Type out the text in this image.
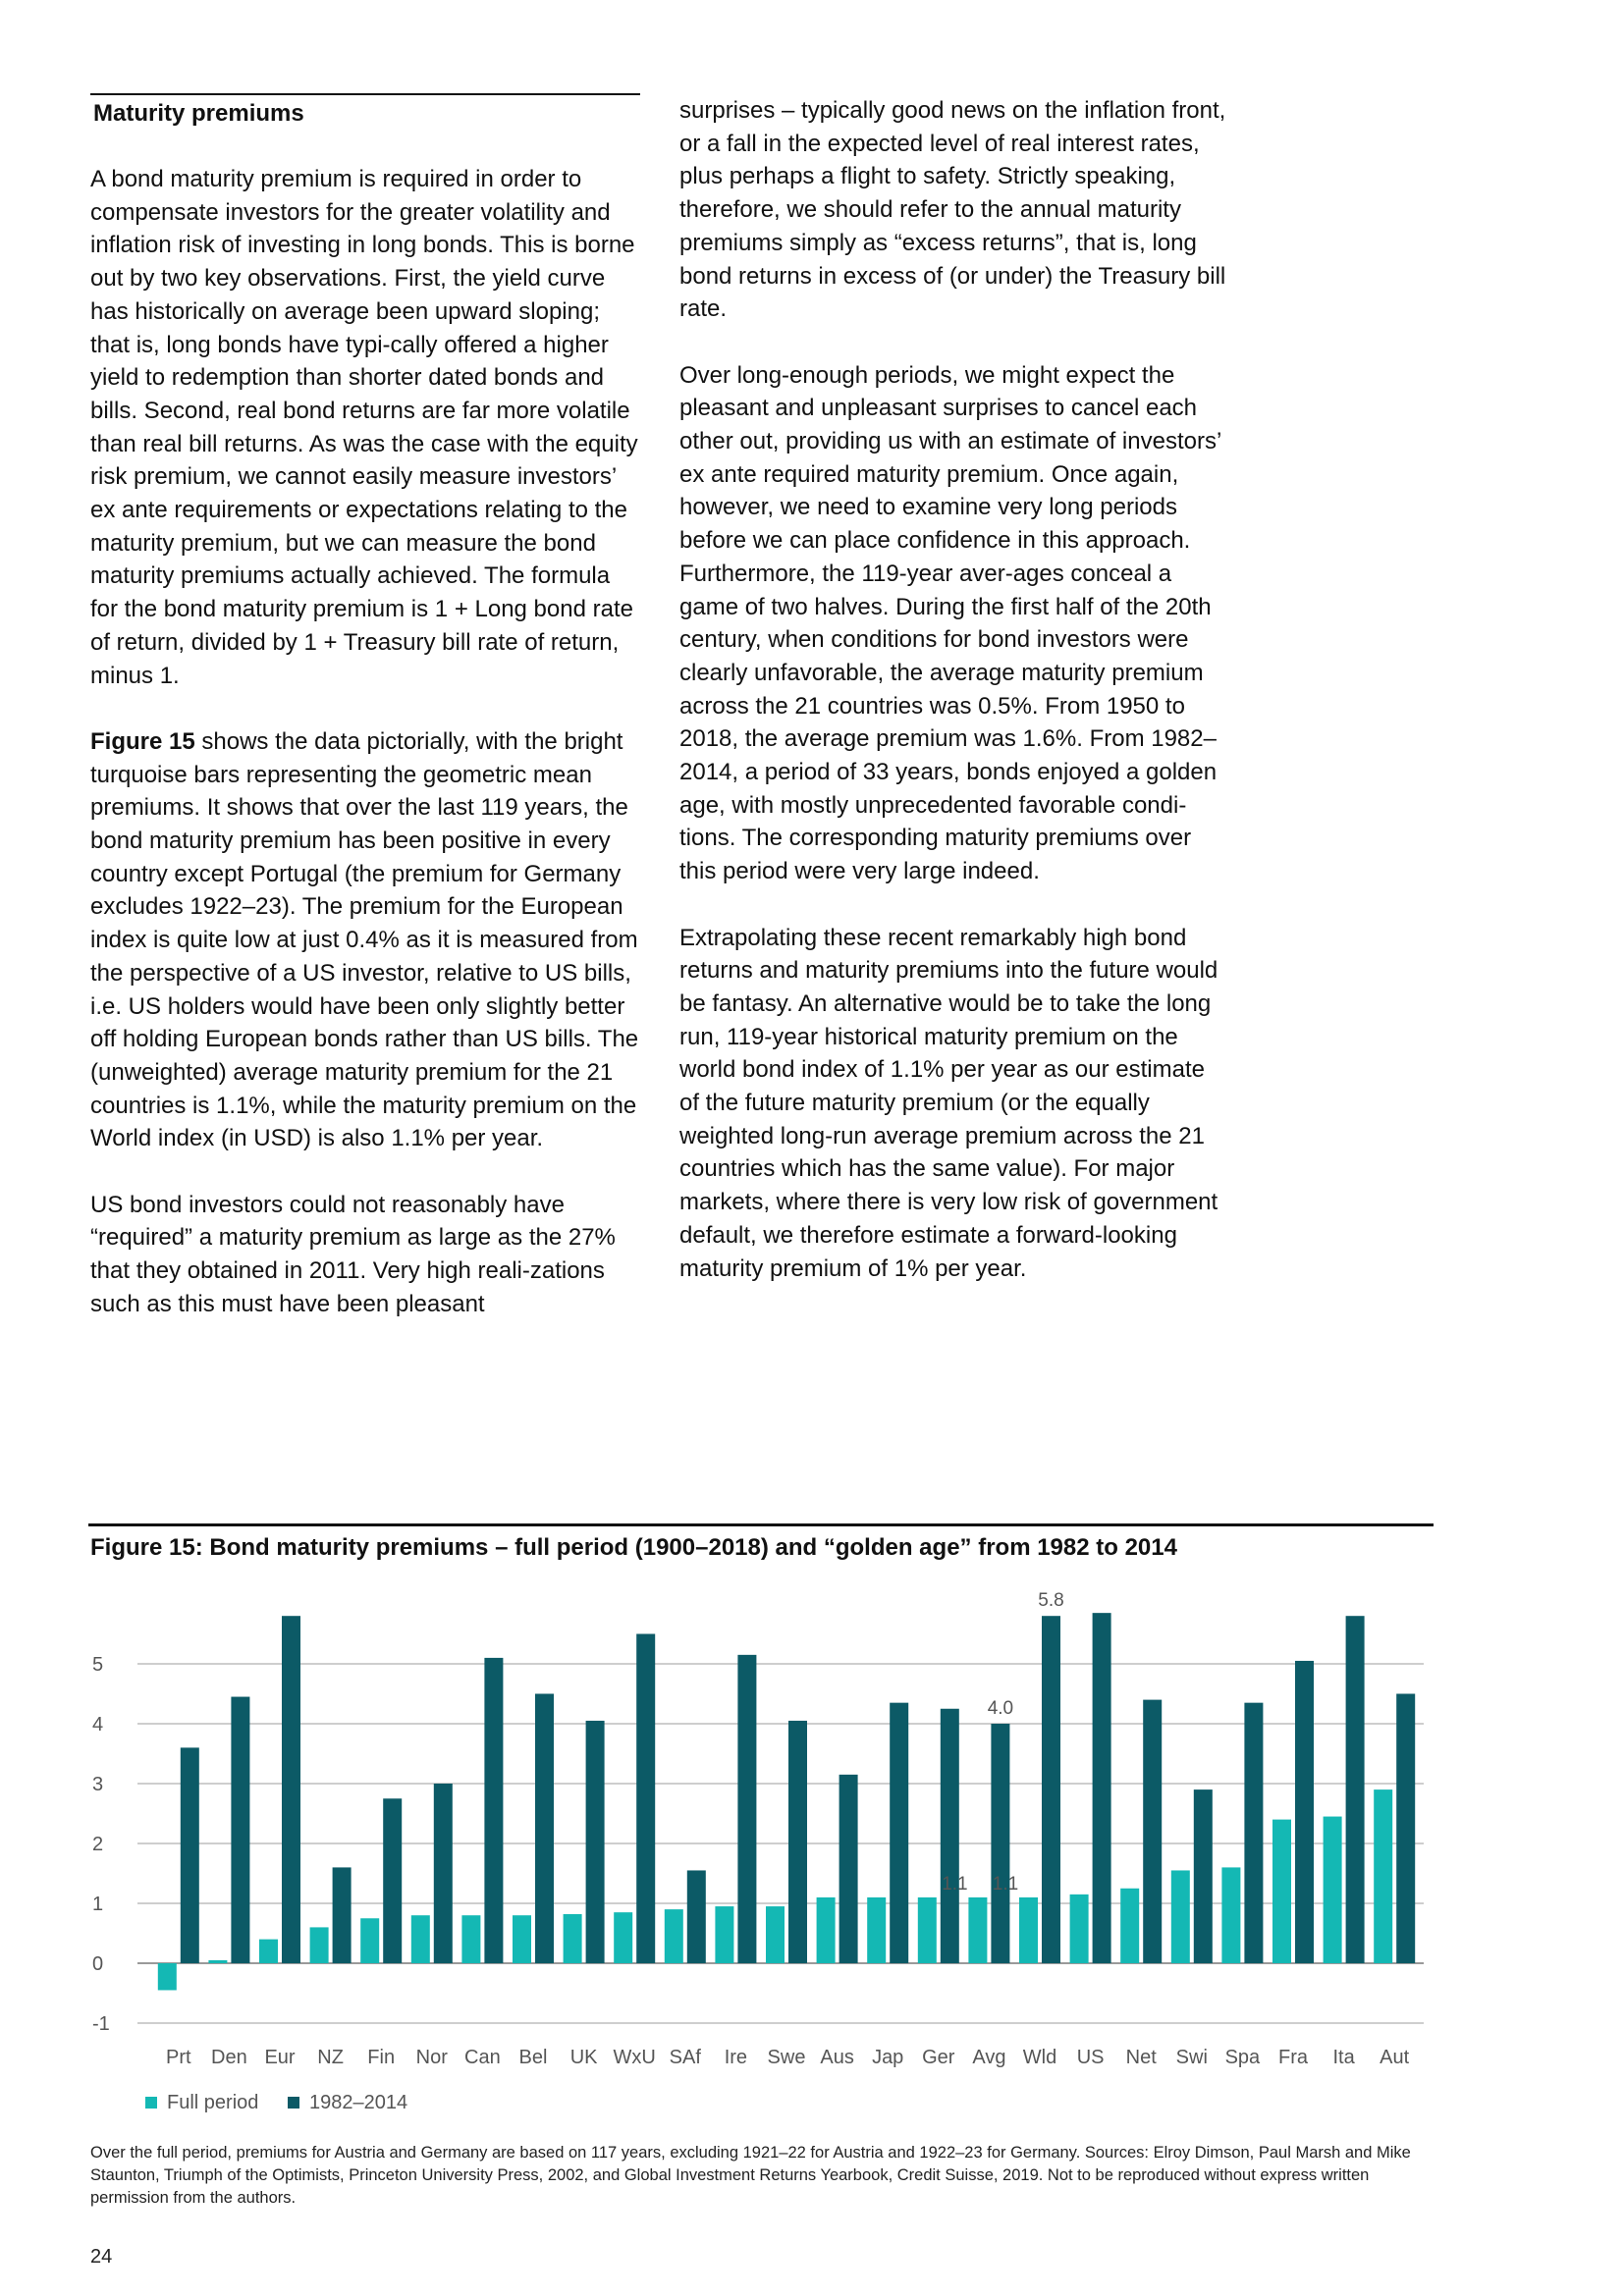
Maturity premiums

A bond maturity premium is required in order to compensate investors for the greater volatility and inflation risk of investing in long bonds. This is borne out by two key observations. First, the yield curve has historically on average been upward sloping; that is, long bonds have typi-cally offered a higher yield to redemption than shorter dated bonds and bills. Second, real bond returns are far more volatile than real bill returns. As was the case with the equity risk premium, we cannot easily measure investors’ ex ante requirements or expectations relating to the maturity premium, but we can measure the bond maturity premiums actually achieved. The formula for the bond maturity premium is 1 + Long bond rate of return, divided by 1 + Treasury bill rate of return, minus 1.

Figure 15 shows the data pictorially, with the bright turquoise bars representing the geometric mean premiums. It shows that over the last 119 years, the bond maturity premium has been positive in every country except Portugal (the premium for Germany excludes 1922–23). The premium for the European index is quite low at just 0.4% as it is measured from the perspective of a US investor, relative to US bills, i.e. US holders would have been only slightly better off holding European bonds rather than US bills. The (unweighted) average maturity premium for the 21 countries is 1.1%, while the maturity premium on the World index (in USD) is also 1.1% per year.

US bond investors could not reasonably have “required” a maturity premium as large as the 27% that they obtained in 2011. Very high reali-zations such as this must have been pleasant

surprises – typically good news on the inflation front, or a fall in the expected level of real interest rates, plus perhaps a flight to safety. Strictly speaking, therefore, we should refer to the annual maturity premiums simply as “excess returns”, that is, long bond returns in excess of (or under) the Treasury bill rate.

Over long-enough periods, we might expect the pleasant and unpleasant surprises to cancel each other out, providing us with an estimate of investors’ ex ante required maturity premium. Once again, however, we need to examine very long periods before we can place confidence in this approach. Furthermore, the 119-year aver-ages conceal a game of two halves. During the first half of the 20th century, when conditions for bond investors were clearly unfavorable, the average maturity premium across the 21 countries was 0.5%. From 1950 to 2018, the average premium was 1.6%. From 1982–2014, a period of 33 years, bonds enjoyed a golden age, with mostly unprecedented favorable condi-tions. The corresponding maturity premiums over this period were very large indeed.

Extrapolating these recent remarkably high bond returns and maturity premiums into the future would be fantasy. An alternative would be to take the long run, 119-year historical maturity premium on the world bond index of 1.1% per year as our estimate of the future maturity premium (or the equally weighted long-run average premium across the 21 countries which has the same value). For major markets, where there is very low risk of government default, we therefore estimate a forward-looking maturity premium of 1% per year.

Figure 15: Bond maturity premiums – full period (1900–2018) and “golden age” from 1982 to 2014
-1
0
1
2
3
4
5
Prt Den Eur NZ Fin Nor Can Bel UK WxU SAf Ire Swe Aus Jap Ger Avg Wld US Net Swi Spa Fra Ita Aut
4.0
5.8
1.1 1.1
Full period	1982–2014

Over the full period, premiums for Austria and Germany are based on 117 years, excluding 1921–22 for Austria and 1922–23 for Germany. Sources: Elroy Dimson, Paul Marsh and Mike Staunton, Triumph of the Optimists, Princeton University Press, 2002, and Global Investment Returns Yearbook, Credit Suisse, 2019. Not to be reproduced without express written permission from the authors.

24
